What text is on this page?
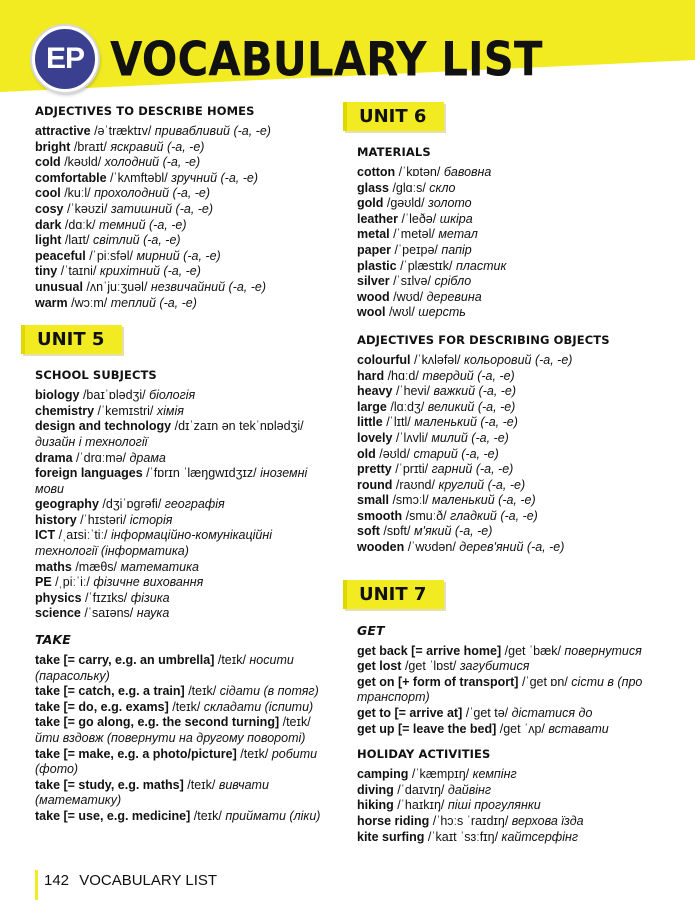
EP VOCABULARY LIST
ADJECTIVES TO DESCRIBE HOMES
attractive /əˈtræktɪv/ привабливий (-а, -е)
bright /braɪt/ яскравий (-а, -е)
cold /kəʊld/ холодний (-а, -е)
comfortable /ˈkʌmftəbl/ зручний (-а, -е)
cool /kuːl/ прохолодний (-а, -е)
cosy /ˈkəʊzi/ затишний (-а, -е)
dark /dɑːk/ темний (-а, -е)
light /laɪt/ світлий (-а, -е)
peaceful /ˈpiːsfəl/ мирний (-а, -е)
tiny /ˈtaɪni/ крихітний (-а, -е)
unusual /ʌnˈjuːʒuəl/ незвичайний (-а, -е)
warm /wɔːm/ теплий (-а, -е)
UNIT 5
SCHOOL SUBJECTS
biology /baɪˈɒlədʒi/ біологія
chemistry /ˈkemɪstri/ хімія
design and technology /dɪˈzaɪn ən tekˈnɒlədʒi/ дизайн і технології
drama /ˈdrɑːmə/ драма
foreign languages /ˈfɒrɪn ˈlæŋgwɪdʒɪz/ іноземні мови
geography /dʒiˈɒgrəfi/ географія
history /ˈhɪstəri/ історія
ICT /ˌaɪsiːˈtiː/ інформаційно-комунікаційні технології (інформатика)
maths /mæθs/ математика
PE /ˌpiːˈiː/ фізичне виховання
physics /ˈfɪzɪks/ фізика
science /ˈsaɪəns/ наука
TAKE
take [= carry, e.g. an umbrella] /teɪk/ носити (парасольку)
take [= catch, e.g. a train] /teɪk/ сідати (в потяг)
take [= do, e.g. exams] /teɪk/ складати (іспити)
take [= go along, e.g. the second turning] /teɪk/ йти вздовж (повернути на другому повороті)
take [= make, e.g. a photo/picture] /teɪk/ робити (фото)
take [= study, e.g. maths] /teɪk/ вивчати (математику)
take [= use, e.g. medicine] /teɪk/ приймати (ліки)
UNIT 6
MATERIALS
cotton /ˈkɒtən/ бавовна
glass /glɑːs/ скло
gold /gəʊld/ золото
leather /ˈleðə/ шкіра
metal /ˈmetəl/ метал
paper /ˈpeɪpə/ папір
plastic /ˈplæstɪk/ пластик
silver /ˈsɪlvə/ срібло
wood /wʊd/ деревина
wool /wʊl/ шерсть
ADJECTIVES FOR DESCRIBING OBJECTS
colourful /ˈkʌləfəl/ кольоровий (-а, -е)
hard /hɑːd/ твердий (-а, -е)
heavy /ˈhevi/ важкий (-а, -е)
large /lɑːdʒ/ великий (-а, -е)
little /ˈlɪtl/ маленький (-а, -е)
lovely /ˈlʌvli/ милий (-а, -е)
old /əʊld/ старий (-а, -е)
pretty /ˈprɪti/ гарний (-а, -е)
round /raʊnd/ круглий (-а, -е)
small /smɔːl/ маленький (-а, -е)
smooth /smuːð/ гладкий (-а, -е)
soft /sɒft/ м'який (-а, -е)
wooden /ˈwʊdən/ дерев'яний (-а, -е)
UNIT 7
GET
get back [= arrive home] /get ˈbæk/ повернутися
get lost /get ˈlɒst/ загубитися
get on [+ form of transport] /ˈget ɒn/ сісти в (про транспорт)
get to [= arrive at] /ˈget tə/ дістатися до
get up [= leave the bed] /get ˈʌp/ вставати
HOLIDAY ACTIVITIES
camping /ˈkæmpɪŋ/ кемпінг
diving /ˈdaɪvɪŋ/ дайвінг
hiking /ˈhaɪkɪŋ/ піші прогулянки
horse riding /ˈhɔːs ˈraɪdɪŋ/ верхова їзда
kite surfing /ˈkaɪt ˈsɜːfɪŋ/ кайтсерфінг
142 VOCABULARY LIST
